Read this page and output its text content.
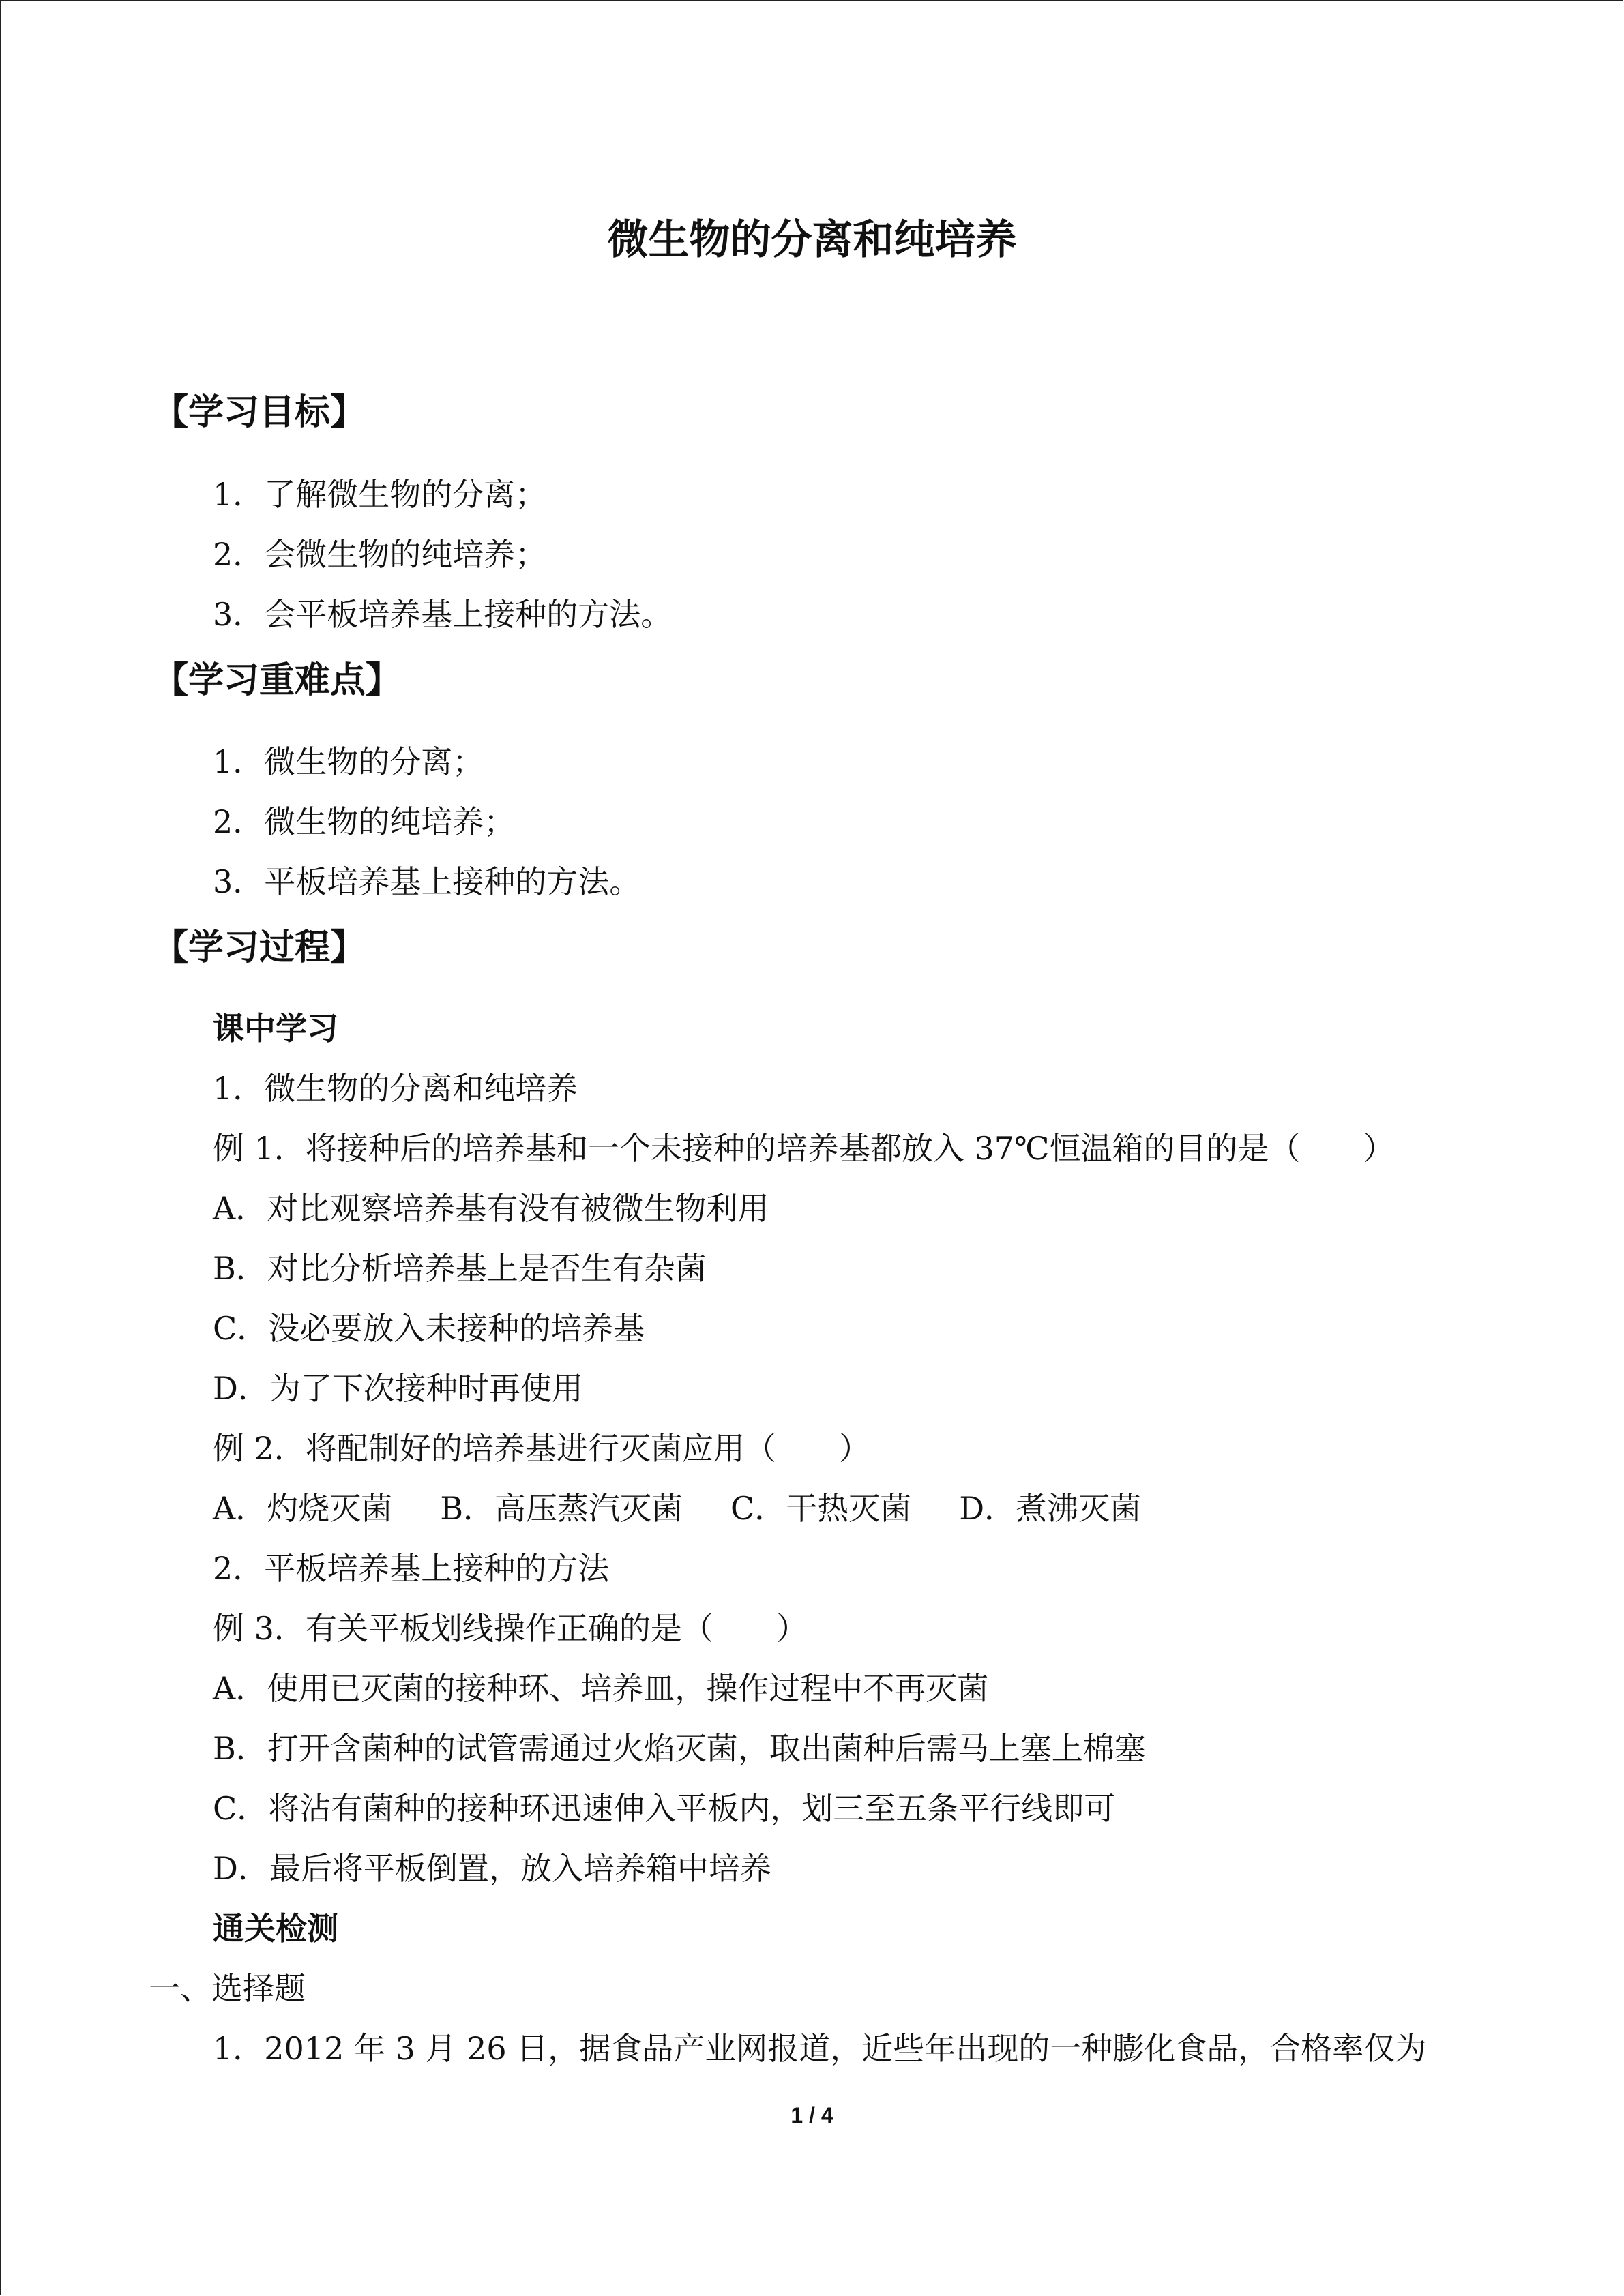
微生物的分离和纯培养
【学习目标】
1．了解微生物的分离；
2．会微生物的纯培养；
3．会平板培养基上接种的方法。
【学习重难点】
1．微生物的分离；
2．微生物的纯培养；
3．平板培养基上接种的方法。
【学习过程】
课中学习
1．微生物的分离和纯培养
例 1．将接种后的培养基和一个未接种的培养基都放入 37℃恒温箱的目的是（　　）
A．对比观察培养基有没有被微生物利用
B．对比分析培养基上是否生有杂菌
C．没必要放入未接种的培养基
D．为了下次接种时再使用
例 2．将配制好的培养基进行灭菌应用（　　）
A．灼烧灭菌 B．高压蒸汽灭菌 C．干热灭菌 D．煮沸灭菌
2．平板培养基上接种的方法
例 3．有关平板划线操作正确的是（　　）
A．使用已灭菌的接种环、培养皿，操作过程中不再灭菌
B．打开含菌种的试管需通过火焰灭菌，取出菌种后需马上塞上棉塞
C．将沾有菌种的接种环迅速伸入平板内，划三至五条平行线即可
D．最后将平板倒置，放入培养箱中培养
通关检测
一、选择题
1．2012 年 3 月 26 日，据食品产业网报道，近些年出现的一种膨化食品，合格率仅为
1 / 4
